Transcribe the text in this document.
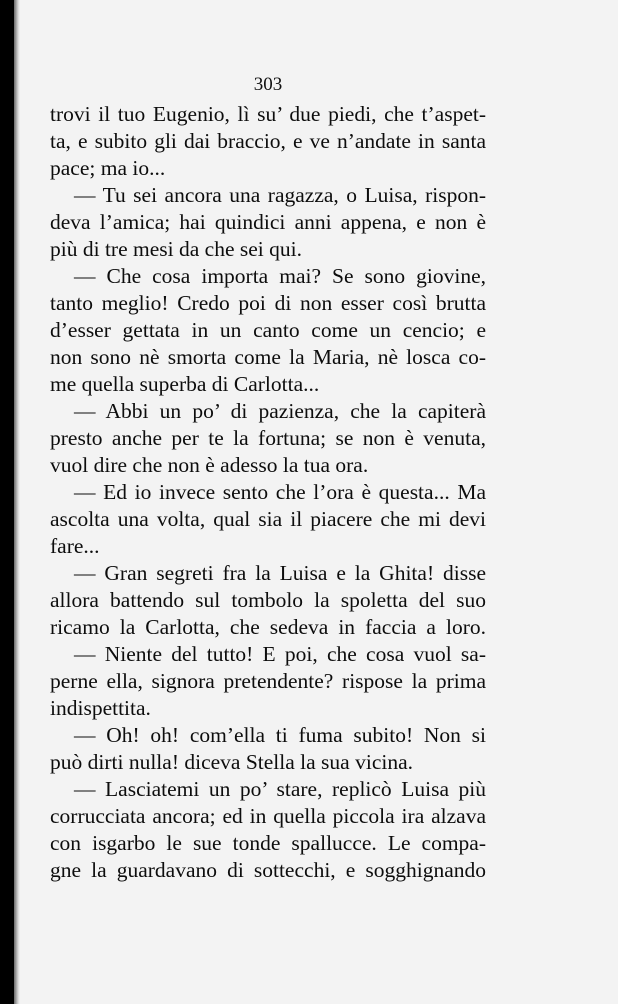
303
trovi il tuo Eugenio, lì su’ due piedi, che t’aspet-
ta, e subito gli dai braccio, e ve n’andate in santa
pace; ma io...
— Tu sei ancora una ragazza, o Luisa, rispon-
deva l’amica; hai quindici anni appena, e non è
più di tre mesi da che sei qui.
— Che cosa importa mai? Se sono giovine,
tanto meglio! Credo poi di non esser così brutta
d’esser gettata in un canto come un cencio; e
non sono nè smorta come la Maria, nè losca co-
me quella superba di Carlotta...
— Abbi un po’ di pazienza, che la capiterà
presto anche per te la fortuna; se non è venuta,
vuol dire che non è adesso la tua ora.
— Ed io invece sento che l’ora è questa... Ma
ascolta una volta, qual sia il piacere che mi devi
fare...
— Gran segreti fra la Luisa e la Ghita! disse
allora battendo sul tombolo la spoletta del suo
ricamo la Carlotta, che sedeva in faccia a loro.
— Niente del tutto! E poi, che cosa vuol sa-
perne ella, signora pretendente? rispose la prima
indispettita.
— Oh! oh! com’ella ti fuma subito! Non si
può dirti nulla! diceva Stella la sua vicina.
— Lasciatemi un po’ stare, replicò Luisa più
corrucciata ancora; ed in quella piccola ira alzava
con isgarbo le sue tonde spallucce. Le compa-
gne la guardavano di sottecchi, e sogghignando
